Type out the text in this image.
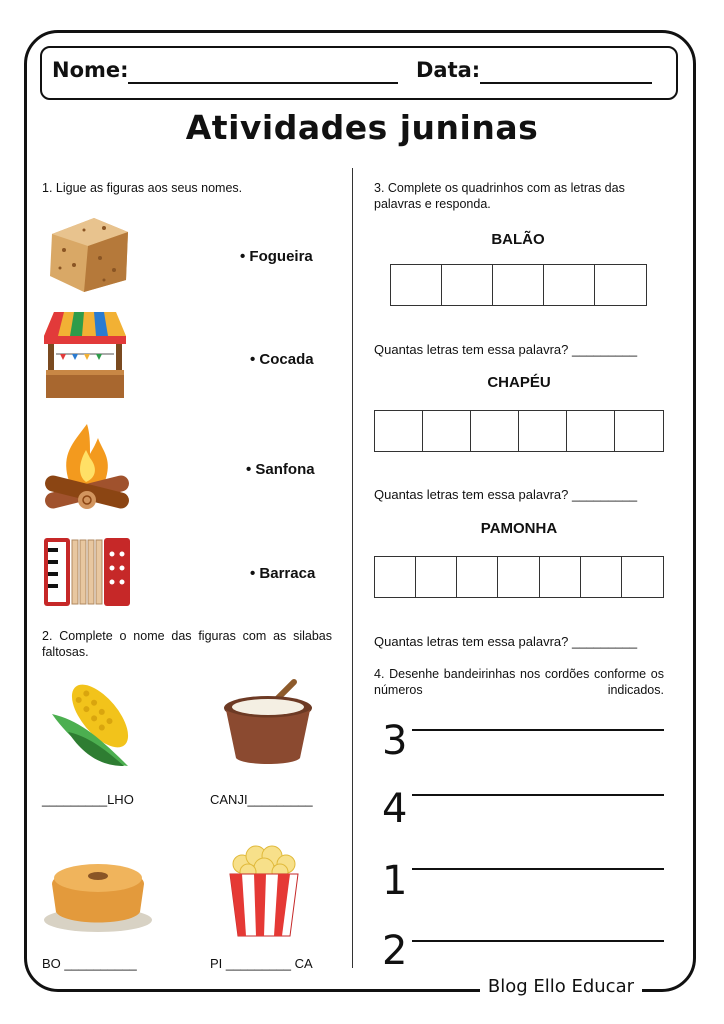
Nome:	Data:
Atividades juninas
1. Ligue as figuras aos seus nomes.
• Fogueira
• Cocada
• Sanfona
• Barraca
2. Complete o nome das figuras com as silabas faltosas.
_________LHO	CANJI_________
BO __________	PI _________ CA
3. Complete os quadrinhos com as letras das palavras e responda.
BALÃO
Quantas letras tem essa palavra? _________
CHAPÉU
Quantas letras tem essa palavra? _________
PAMONHA
Quantas letras tem essa palavra? _________
4. Desenhe bandeirinhas nos cordões conforme os números indicados.
3
4
1
2
Blog Ello Educar
